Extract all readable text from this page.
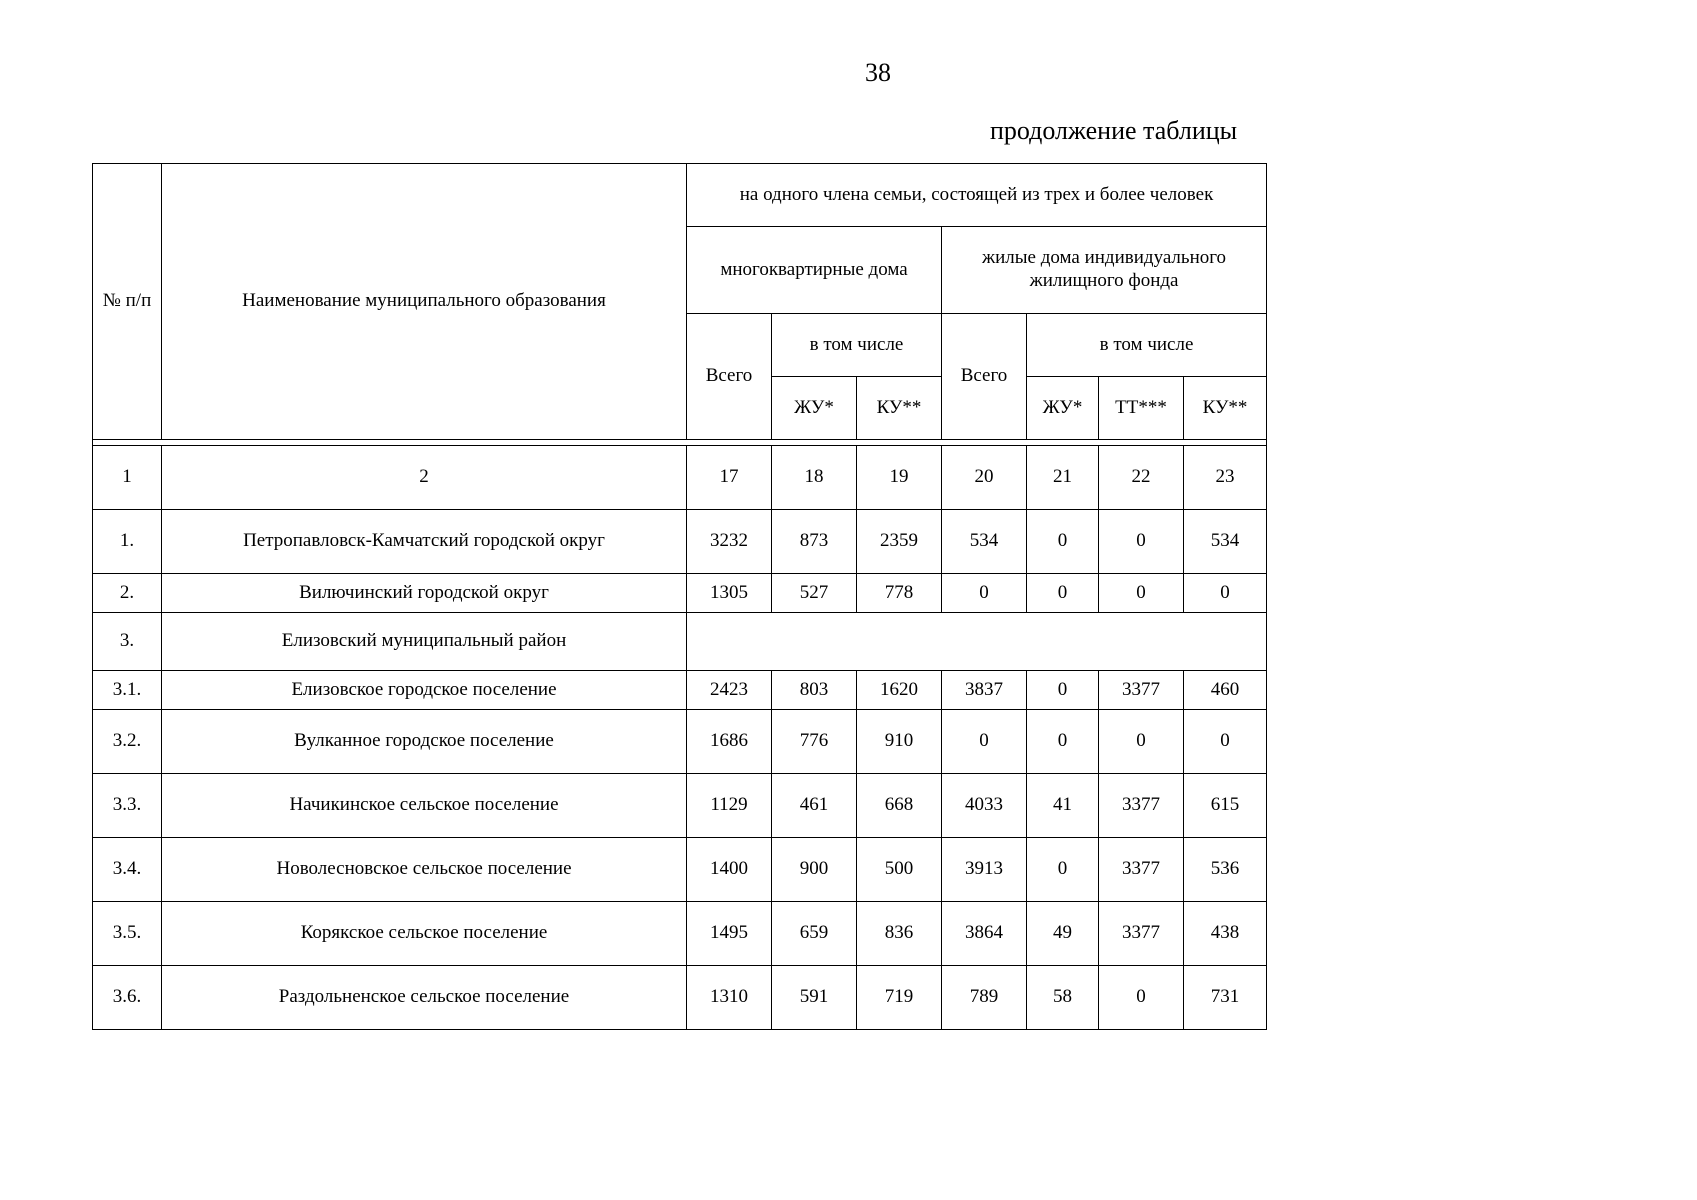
38
продолжение таблицы
№ п/п	Наименование муниципального образования	на одного члена семьи, состоящей из трех и более человек						
		многоквартирные дома			жилые дома индивидуального жилищного фонда			
		Всего	в том числе		Всего	в том числе		
			ЖУ*	КУ**		ЖУ*	ТТ***	КУ**

1	2	17	18	19	20	21	22	23
1.	Петропавловск-Камчатский городской округ	3232	873	2359	534	0	0	534
2.	Вилючинский городской округ	1305	527	778	0	0	0	0
3.	Елизовский муниципальный район							
3.1.	Елизовское городское поселение	2423	803	1620	3837	0	3377	460
3.2.	Вулканное городское поселение	1686	776	910	0	0	0	0
3.3.	Начикинское сельское поселение	1129	461	668	4033	41	3377	615
3.4.	Новолесновское сельское поселение	1400	900	500	3913	0	3377	536
3.5.	Корякское сельское поселение	1495	659	836	3864	49	3377	438
3.6.	Раздольненское сельское поселение	1310	591	719	789	58	0	731
